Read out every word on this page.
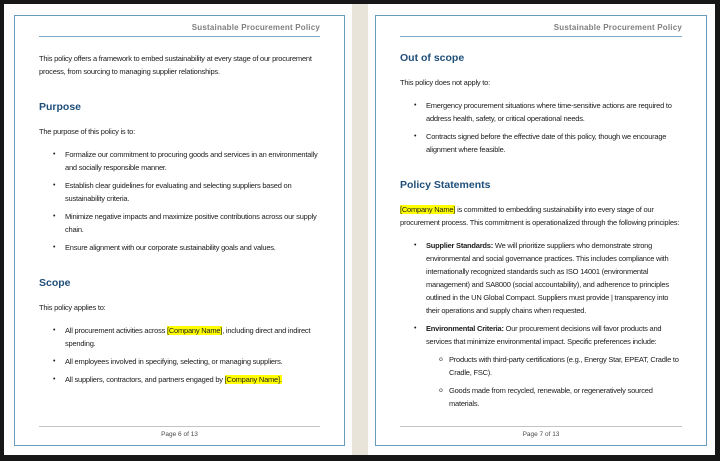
Sustainable Procurement Policy

This policy offers a framework to embed sustainability at every stage of our procurement process, from sourcing to managing supplier relationships.

Purpose

The purpose of this policy is to:

•	Formalize our commitment to procuring goods and services in an environmentally and socially responsible manner.
•	Establish clear guidelines for evaluating and selecting suppliers based on sustainability criteria.
•	Minimize negative impacts and maximize positive contributions across our supply chain.
•	Ensure alignment with our corporate sustainability goals and values.
Scope

This policy applies to:

•	All procurement activities across [Company Name], including direct and indirect spending.
•	All employees involved in specifying, selecting, or managing suppliers.
•	All suppliers, contractors, and partners engaged by [Company Name].
Page 6 of 13
Sustainable Procurement Policy
Out of scope

This policy does not apply to:

•	Emergency procurement situations where time-sensitive actions are required to address health, safety, or critical operational needs.
•	Contracts signed before the effective date of this policy, though we encourage alignment where feasible.
Policy Statements

[Company Name] is committed to embedding sustainability into every stage of our procurement process. This commitment is operationalized through the following principles:

•	Supplier Standards: We will prioritize suppliers who demonstrate strong environmental and social governance practices. This includes compliance with internationally recognized standards such as ISO 14001 (environmental management) and SA8000 (social accountability), and adherence to principles outlined in the UN Global Compact. Suppliers must provide | transparency into their operations and supply chains when requested.
•	Environmental Criteria: Our procurement decisions will favor products and services that minimize environmental impact. Specific preferences include:
o Products with third-party certifications (e.g., Energy Star, EPEAT, Cradle to Cradle, FSC).
o Goods made from recycled, renewable, or regeneratively sourced materials.
Page 7 of 13
